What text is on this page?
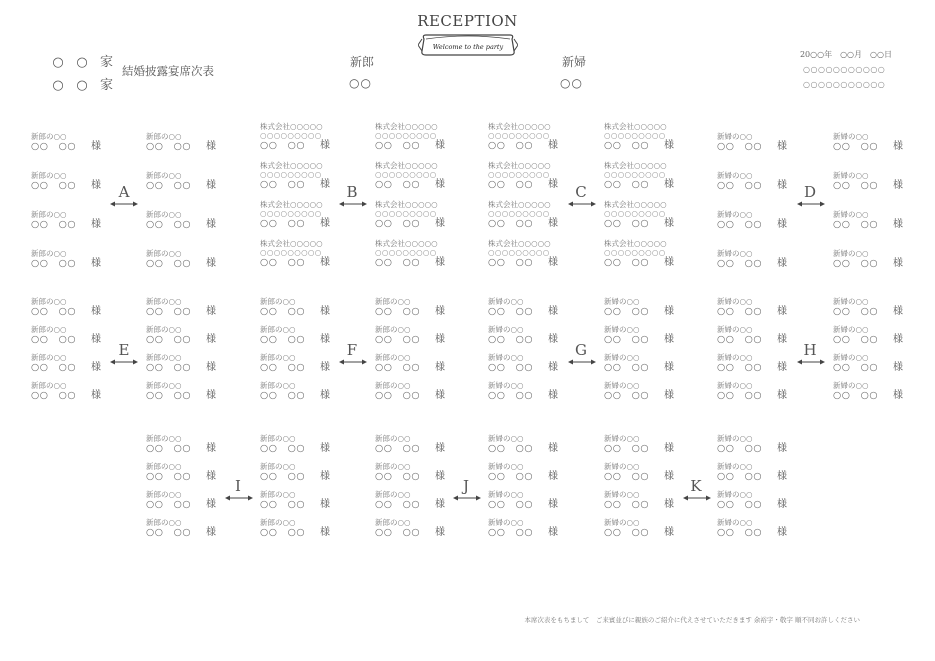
RECEPTION
Welcome to the party
○ ○ 家
○ ○ 家
結婚披露宴席次表
新郎
○○
新婦
○○
20○○年　○○月　○○日
○○○○○○○○○○○
○○○○○○○○○○○
新郎の○○
○○　○○ 様
新郎の○○
○○　○○ 様
新郎の○○
○○　○○ 様
新郎の○○
○○　○○ 様
新郎の○○
○○　○○ 様
新郎の○○
○○　○○ 様
新郎の○○
○○　○○ 様
新郎の○○
○○　○○ 様
A
株式会社○○○○○
○○○○○○○○○
○○　○○ 様
株式会社○○○○○
○○○○○○○○○
○○　○○ 様
株式会社○○○○○
○○○○○○○○○
○○　○○ 様
株式会社○○○○○
○○○○○○○○○
○○　○○ 様
株式会社○○○○○
○○○○○○○○○
○○　○○ 様
株式会社○○○○○
○○○○○○○○○
○○　○○ 様
株式会社○○○○○
○○○○○○○○○
○○　○○ 様
株式会社○○○○○
○○○○○○○○○
○○　○○ 様
B
株式会社○○○○○
○○○○○○○○○
○○　○○ 様
株式会社○○○○○
○○○○○○○○○
○○　○○ 様
株式会社○○○○○
○○○○○○○○○
○○　○○ 様
株式会社○○○○○
○○○○○○○○○
○○　○○ 様
株式会社○○○○○
○○○○○○○○○
○○　○○ 様
株式会社○○○○○
○○○○○○○○○
○○　○○ 様
株式会社○○○○○
○○○○○○○○○
○○　○○ 様
株式会社○○○○○
○○○○○○○○○
○○　○○ 様
C
新婦の○○
○○　○○ 様
新婦の○○
○○　○○ 様
新婦の○○
○○　○○ 様
新婦の○○
○○　○○ 様
新婦の○○
○○　○○ 様
新婦の○○
○○　○○ 様
新婦の○○
○○　○○ 様
新婦の○○
○○　○○ 様
D
新郎の○○
○○　○○ 様
新郎の○○
○○　○○ 様
新郎の○○
○○　○○ 様
新郎の○○
○○　○○ 様
新郎の○○
○○　○○ 様
新郎の○○
○○　○○ 様
新郎の○○
○○　○○ 様
新郎の○○
○○　○○ 様
E
新郎の○○
○○　○○ 様
新郎の○○
○○　○○ 様
新郎の○○
○○　○○ 様
新郎の○○
○○　○○ 様
新郎の○○
○○　○○ 様
新郎の○○
○○　○○ 様
新郎の○○
○○　○○ 様
新郎の○○
○○　○○ 様
F
新婦の○○
○○　○○ 様
新婦の○○
○○　○○ 様
新婦の○○
○○　○○ 様
新婦の○○
○○　○○ 様
新婦の○○
○○　○○ 様
新婦の○○
○○　○○ 様
新婦の○○
○○　○○ 様
新婦の○○
○○　○○ 様
G
新婦の○○
○○　○○ 様
新婦の○○
○○　○○ 様
新婦の○○
○○　○○ 様
新婦の○○
○○　○○ 様
新婦の○○
○○　○○ 様
新婦の○○
○○　○○ 様
新婦の○○
○○　○○ 様
新婦の○○
○○　○○ 様
H
新郎の○○
○○　○○ 様
新郎の○○
○○　○○ 様
新郎の○○
○○　○○ 様
新郎の○○
○○　○○ 様
新郎の○○
○○　○○ 様
新郎の○○
○○　○○ 様
新郎の○○
○○　○○ 様
新郎の○○
○○　○○ 様
I
新郎の○○
○○　○○ 様
新婦の○○
○○　○○ 様
新郎の○○
○○　○○ 様
新婦の○○
○○　○○ 様
新郎の○○
○○　○○ 様
新婦の○○
○○　○○ 様
新郎の○○
○○　○○ 様
新婦の○○
○○　○○ 様
J
新婦の○○
○○　○○ 様
新婦の○○
○○　○○ 様
新婦の○○
○○　○○ 様
新婦の○○
○○　○○ 様
新婦の○○
○○　○○ 様
新婦の○○
○○　○○ 様
新婦の○○
○○　○○ 様
新婦の○○
○○　○○ 様
K
本席次表をもちまして　ご来賓並びに親族のご紹介に代えさせていただきます 余裕宇・敬字 順不同お許しください
